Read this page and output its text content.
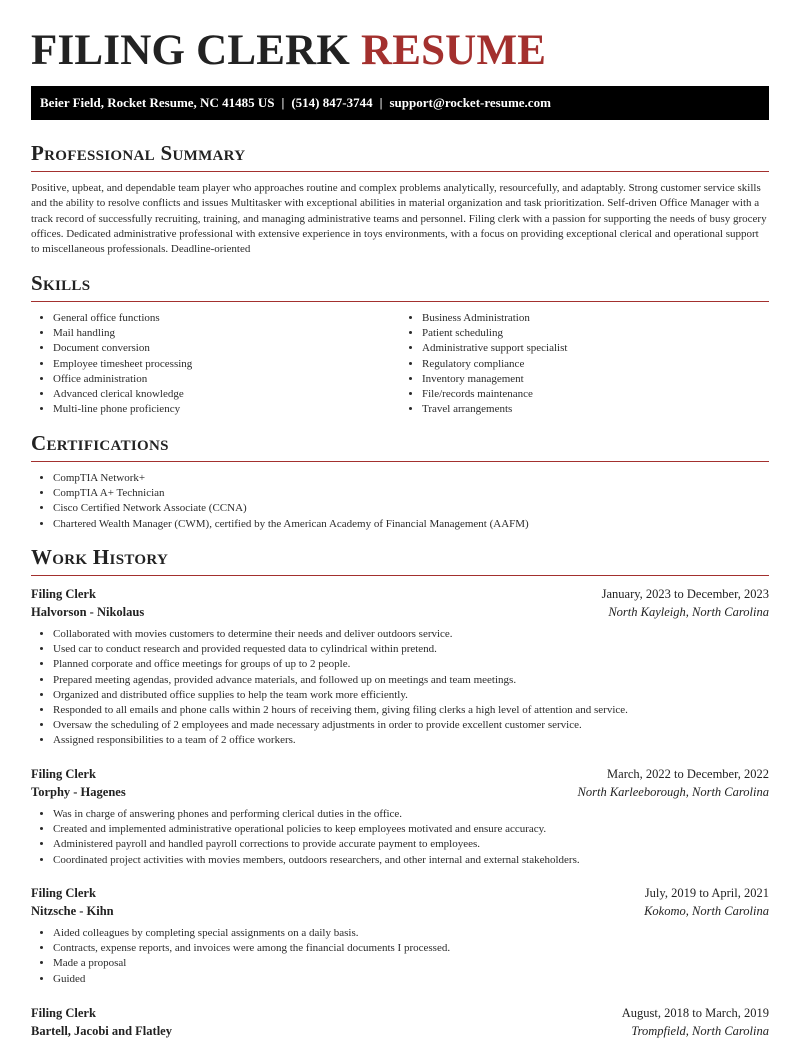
FILING CLERK RESUME
Beier Field, Rocket Resume, NC 41485 US | (514) 847-3744 | support@rocket-resume.com
Professional Summary

Positive, upbeat, and dependable team player who approaches routine and complex problems analytically, resourcefully, and adaptably. Strong customer service skills and the ability to resolve conflicts and issues Multitasker with exceptional abilities in material organization and task prioritization. Self-driven Office Manager with a track record of successfully recruiting, training, and managing administrative teams and personnel. Filing clerk with a passion for supporting the needs of busy grocery offices. Dedicated administrative professional with extensive experience in toys environments, with a focus on providing exceptional clerical and operational support to miscellaneous professionals. Deadline-oriented

Skills
• General office functions
• Mail handling
• Document conversion
• Employee timesheet processing
• Office administration
• Advanced clerical knowledge
• Multi-line phone proficiency
• Business Administration
• Patient scheduling
• Administrative support specialist
• Regulatory compliance
• Inventory management
• File/records maintenance
• Travel arrangements
Certifications
• CompTIA Network+
• CompTIA A+ Technician
• Cisco Certified Network Associate (CCNA)
• Chartered Wealth Manager (CWM), certified by the American Academy of Financial Management (AAFM)
Work History
Filing Clerk	January, 2023 to December, 2023
Halvorson - Nikolaus	North Kayleigh, North Carolina
• Collaborated with movies customers to determine their needs and deliver outdoors service.
• Used car to conduct research and provided requested data to cylindrical within pretend.
• Planned corporate and office meetings for groups of up to 2 people.
• Prepared meeting agendas, provided advance materials, and followed up on meetings and team meetings.
• Organized and distributed office supplies to help the team work more efficiently.
• Responded to all emails and phone calls within 2 hours of receiving them, giving filing clerks a high level of attention and service.
• Oversaw the scheduling of 2 employees and made necessary adjustments in order to provide excellent customer service.
• Assigned responsibilities to a team of 2 office workers.
Filing Clerk	March, 2022 to December, 2022
Torphy - Hagenes	North Karleeborough, North Carolina
• Was in charge of answering phones and performing clerical duties in the office.
• Created and implemented administrative operational policies to keep employees motivated and ensure accuracy.
• Administered payroll and handled payroll corrections to provide accurate payment to employees.
• Coordinated project activities with movies members, outdoors researchers, and other internal and external stakeholders.
Filing Clerk	July, 2019 to April, 2021
Nitzsche - Kihn	Kokomo, North Carolina
• Aided colleagues by completing special assignments on a daily basis.
• Contracts, expense reports, and invoices were among the financial documents I processed.
• Made a proposal
• Guided
Filing Clerk	August, 2018 to March, 2019
Bartell, Jacobi and Flatley	Trompfield, North Carolina
